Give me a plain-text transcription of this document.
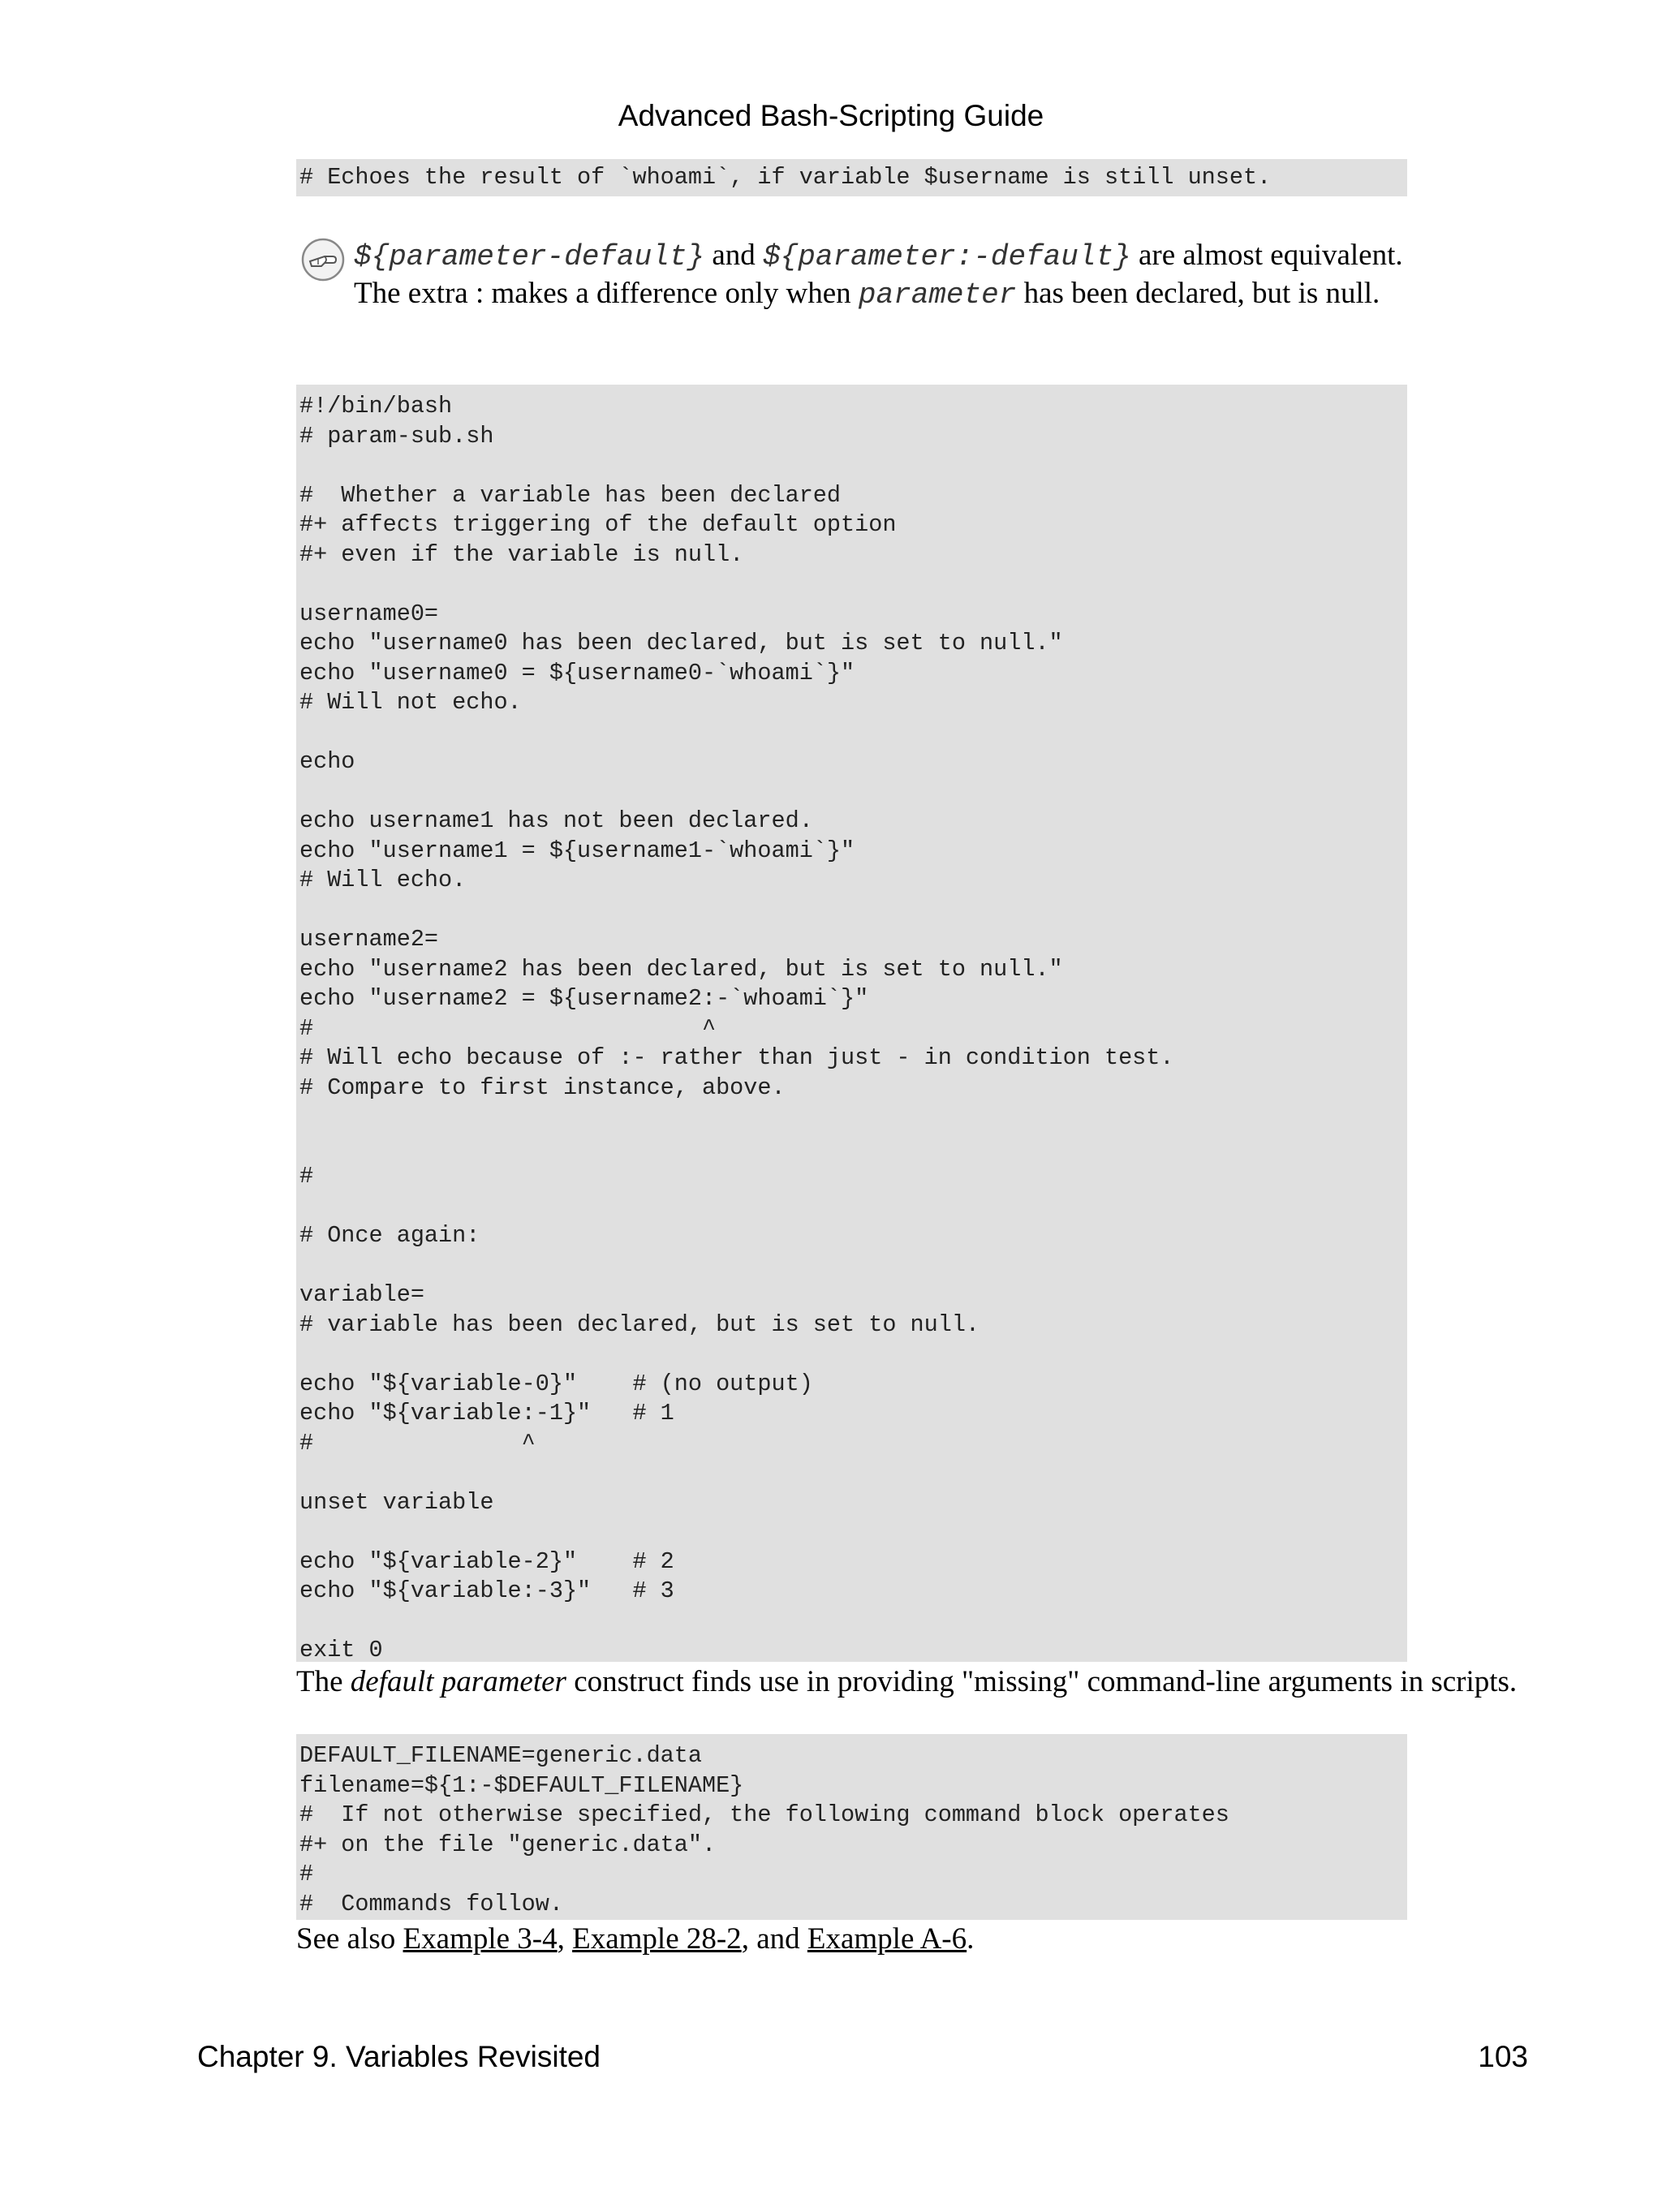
Advanced Bash-Scripting Guide
# Echoes the result of `whoami`, if variable $username is still unset.
${parameter-default} and ${parameter:-default} are almost equivalent. The extra : makes a difference only when parameter has been declared, but is null.
#!/bin/bash
# param-sub.sh

#  Whether a variable has been declared
#+ affects triggering of the default option
#+ even if the variable is null.

username0=
echo "username0 has been declared, but is set to null."
echo "username0 = ${username0-`whoami`}"
# Will not echo.

echo

echo username1 has not been declared.
echo "username1 = ${username1-`whoami`}"
# Will echo.

username2=
echo "username2 has been declared, but is set to null."
echo "username2 = ${username2:-`whoami`}"
#                            ^
# Will echo because of :- rather than just - in condition test.
# Compare to first instance, above.

#

# Once again:

variable=
# variable has been declared, but is set to null.

echo "${variable-0}"    # (no output)
echo "${variable:-1}"   # 1
#               ^

unset variable

echo "${variable-2}"    # 2
echo "${variable:-3}"   # 3

exit 0
The default parameter construct finds use in providing "missing" command-line arguments in scripts.
DEFAULT_FILENAME=generic.data
filename=${1:-$DEFAULT_FILENAME}
#  If not otherwise specified, the following command block operates
#+ on the file "generic.data".
#
#  Commands follow.
See also Example 3-4, Example 28-2, and Example A-6.
Chapter 9. Variables Revisited	103
